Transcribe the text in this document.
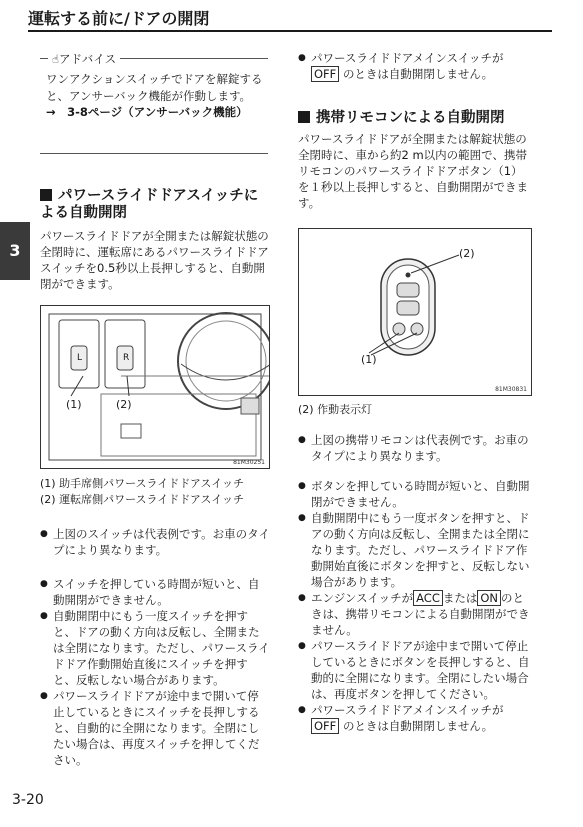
運転する前に/ドアの開閉
3
☝アドバイス

ワンアクションスイッチでドアを解錠すると、アンサーバック機能が作動します。

→　3-8ページ（アンサーバック機能）

パワースライドドアスイッチによる自動開閉

パワースライドドアが全開または解錠状態の全閉時に、運転席にあるパワースライドドアスイッチを0.5秒以上長押しすると、自動開閉ができます。

L	R
(1)	(2)
81M30251

(1) 助手席側パワースライドドアスイッチ

(2) 運転席側パワースライドドアスイッチ

● 上図のスイッチは代表例です。お車のタイプにより異なります。
● スイッチを押している時間が短いと、自動開閉ができません。
● 自動開閉中にもう一度スイッチを押すと、ドアの動く方向は反転し、全開または全閉になります。ただし、パワースライドドア作動開始直後にスイッチを押すと、反転しない場合があります。
● パワースライドドアが途中まで開いて停止しているときにスイッチを長押しすると、自動的に全開になります。全閉にしたい場合は、再度スイッチを押してください。
● パワースライドドアメインスイッチが
OFF のときは自動開閉しません。
携帯リモコンによる自動開閉

パワースライドドアが全開または解錠状態の全閉時に、車から約2 m以内の範囲で、携帯リモコンのパワースライドドアボタン（1）を１秒以上長押しすると、自動開閉ができます。

(2)
(1)
81M30831

(2) 作動表示灯

● 上図の携帯リモコンは代表例です。お車のタイプにより異なります。
● ボタンを押している時間が短いと、自動開閉ができません。
● 自動開閉中にもう一度ボタンを押すと、ドアの動く方向は反転し、全開または全閉になります。ただし、パワースライドドア作動開始直後にボタンを押すと、反転しない場合があります。
● エンジンスイッチが ACC または ON のときは、携帯リモコンによる自動開閉ができません。
● パワースライドドアが途中まで開いて停止しているときにボタンを長押しすると、自動的に全開になります。全閉にしたい場合は、再度ボタンを押してください。
● パワースライドドアメインスイッチが
OFF のときは自動開閉しません。
3-20
